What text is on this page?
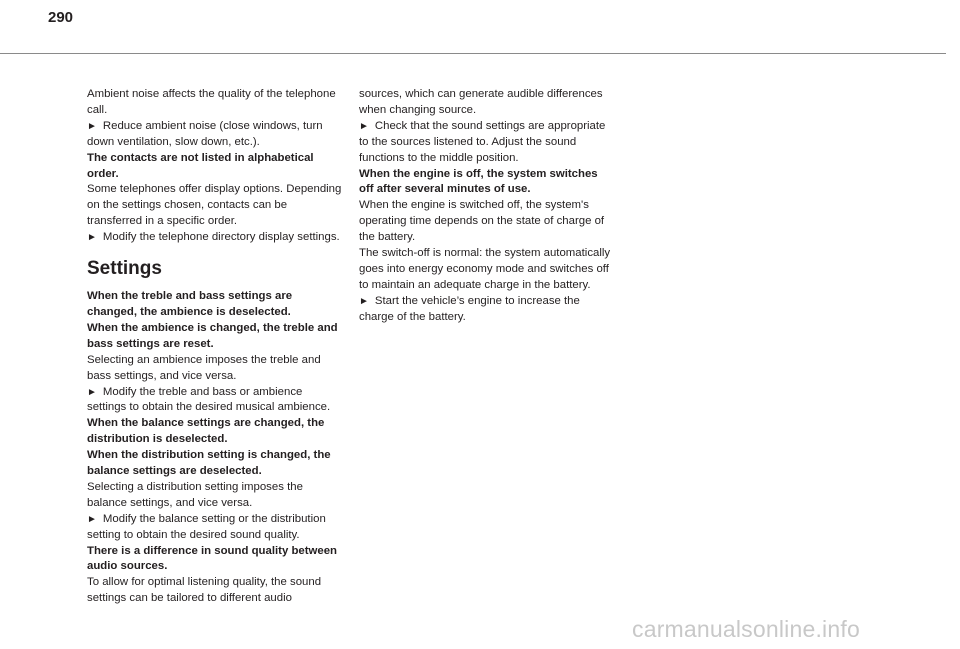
290

Ambient noise affects the quality of the telephone call.

► Reduce ambient noise (close windows, turn down ventilation, slow down, etc.).

The contacts are not listed in alphabetical order.

Some telephones offer display options. Depending on the settings chosen, contacts can be transferred in a specific order.

► Modify the telephone directory display settings.

Settings

When the treble and bass settings are changed, the ambience is deselected.

When the ambience is changed, the treble and bass settings are reset.

Selecting an ambience imposes the treble and bass settings, and vice versa.

► Modify the treble and bass or ambience settings to obtain the desired musical ambience.

When the balance settings are changed, the distribution is deselected.

When the distribution setting is changed, the balance settings are deselected.

Selecting a distribution setting imposes the balance settings, and vice versa.

► Modify the balance setting or the distribution setting to obtain the desired sound quality.

There is a difference in sound quality between audio sources.

To allow for optimal listening quality, the sound settings can be tailored to different audio

sources, which can generate audible differences when changing source.

► Check that the sound settings are appropriate to the sources listened to. Adjust the sound functions to the middle position.

When the engine is off, the system switches off after several minutes of use.

When the engine is switched off, the system's operating time depends on the state of charge of the battery.

The switch-off is normal: the system automatically goes into energy economy mode and switches off to maintain an adequate charge in the battery.

► Start the vehicle’s engine to increase the charge of the battery.

carmanualsonline.info
